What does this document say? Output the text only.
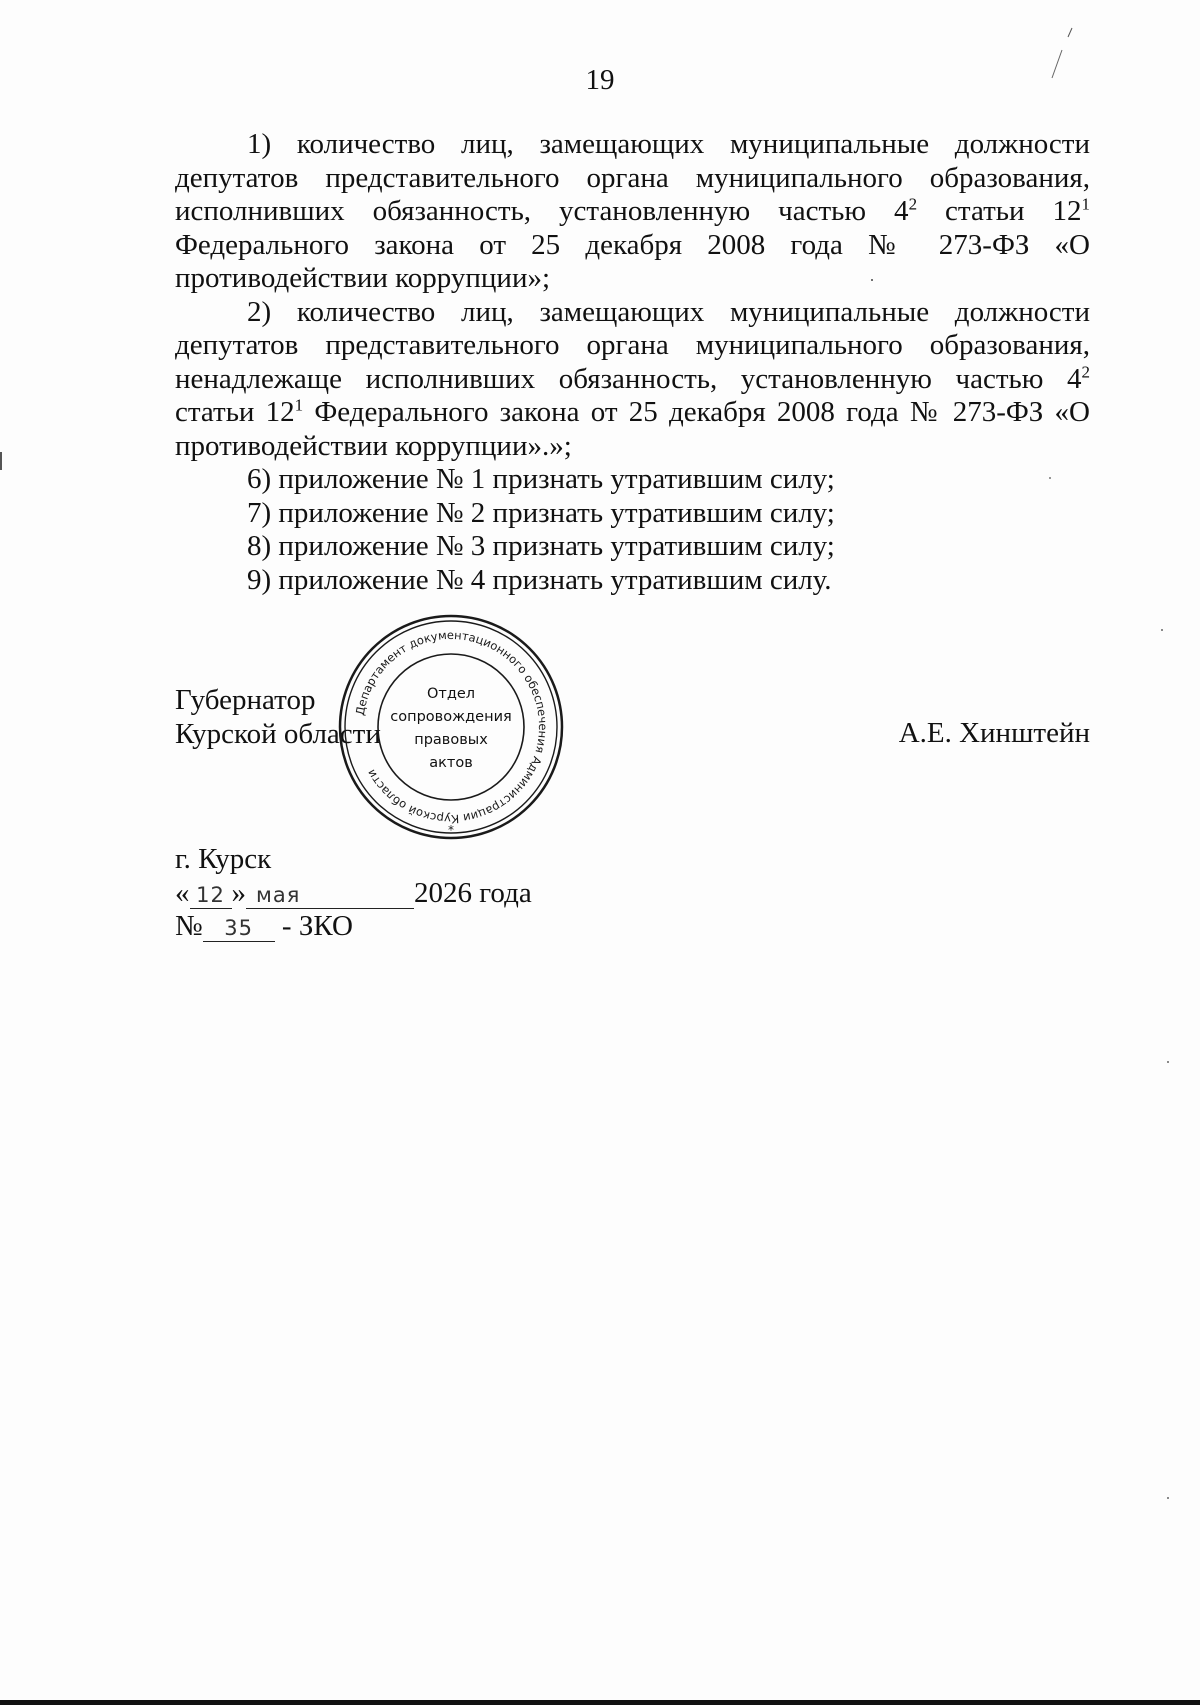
19

1) количество лиц, замещающих муниципальные должности депутатов представительного органа муниципального образования, исполнивших обязанность, установленную частью $4^2$ статьи $12^1$ Федерального закона от 25 декабря 2008 года № 273-ФЗ «О противодействии коррупции»;

2) количество лиц, замещающих муниципальные должности депутатов представительного органа муниципального образования, ненадлежаще исполнивших обязанность, установленную частью $4^2$ статьи $12^1$ Федерального закона от 25 декабря 2008 года № 273-ФЗ «О противодействии коррупции».»;

6) приложение № 1 признать утратившим силу;

7) приложение № 2 признать утратившим силу;

8) приложение № 3 признать утратившим силу;

9) приложение № 4 признать утратившим силу.

Губернатор
Курской области	А.Е. Хинштейн
Департамент документационного обеспечения Администрации Курской области
*
Отдел
сопровождения
правовых
актов
г. Курск
« 12 » мая	2026 года
№ 35 - ЗКО
